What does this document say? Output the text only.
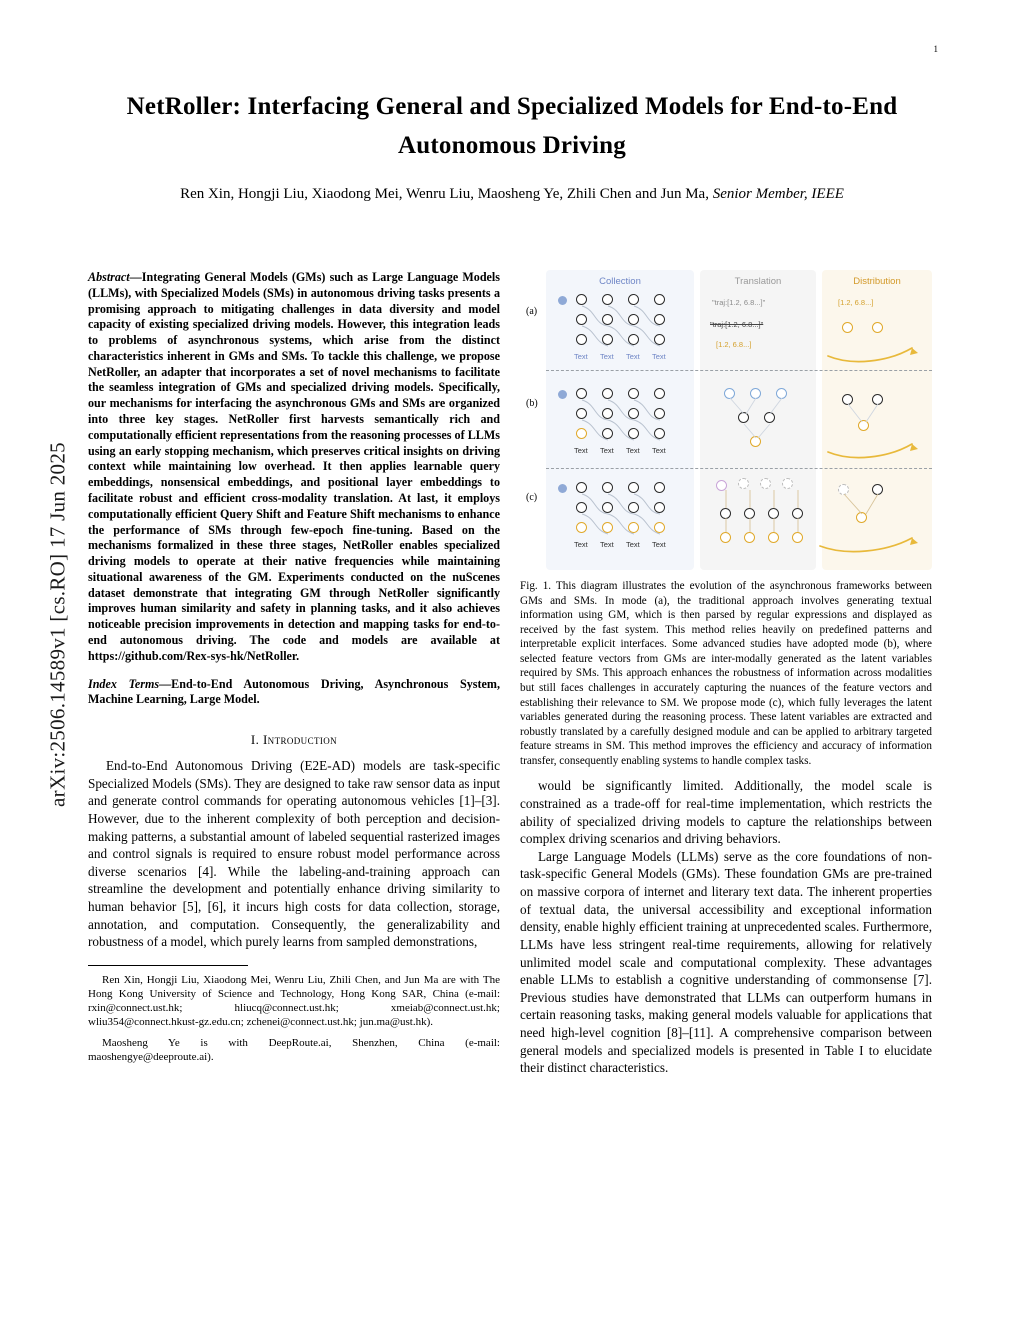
1
arXiv:2506.14589v1 [cs.RO] 17 Jun 2025
NetRoller: Interfacing General and Specialized Models for End-to-End Autonomous Driving
Ren Xin, Hongji Liu, Xiaodong Mei, Wenru Liu, Maosheng Ye, Zhili Chen and Jun Ma, Senior Member, IEEE
Abstract—Integrating General Models (GMs) such as Large Language Models (LLMs), with Specialized Models (SMs) in autonomous driving tasks presents a promising approach to mitigating challenges in data diversity and model capacity of existing specialized driving models. However, this integration leads to problems of asynchronous systems, which arise from the distinct characteristics inherent in GMs and SMs. To tackle this challenge, we propose NetRoller, an adapter that incorporates a set of novel mechanisms to facilitate the seamless integration of GMs and specialized driving models. Specifically, our mechanisms for interfacing the asynchronous GMs and SMs are organized into three key stages. NetRoller first harvests semantically rich and computationally efficient representations from the reasoning processes of LLMs using an early stopping mechanism, which preserves critical insights on driving context while maintaining low overhead. It then applies learnable query embeddings, nonsensical embeddings, and positional layer embeddings to facilitate robust and efficient cross-modality translation. At last, it employs computationally efficient Query Shift and Feature Shift mechanisms to enhance the performance of SMs through few-epoch fine-tuning. Based on the mechanisms formalized in these three stages, NetRoller enables specialized driving models to operate at their native frequencies while maintaining situational awareness of the GM. Experiments conducted on the nuScenes dataset demonstrate that integrating GM through NetRoller significantly improves human similarity and safety in planning tasks, and it also achieves noticeable precision improvements in detection and mapping tasks for end-to-end autonomous driving. The code and models are available at https://github.com/Rex-sys-hk/NetRoller.
Index Terms—End-to-End Autonomous Driving, Asynchronous System, Machine Learning, Large Model.
I. Introduction

End-to-End Autonomous Driving (E2E-AD) models are task-specific Specialized Models (SMs). They are designed to take raw sensor data as input and generate control commands for operating autonomous vehicles [1]–[3]. However, due to the inherent complexity of both perception and decision-making patterns, a substantial amount of labeled sequential rasterized images and control signals is required to ensure robust model performance across diverse scenarios [4]. While the labeling-and-training approach can streamline the development and potentially enhance driving similarity to human behavior [5], [6], it incurs high costs for data collection, storage, annotation, and computation. Consequently, the generalizability and robustness of a model, which purely learns from sampled demonstrations,

Ren Xin, Hongji Liu, Xiaodong Mei, Wenru Liu, Zhili Chen, and Jun Ma are with The Hong Kong University of Science and Technology, Hong Kong SAR, China (e-mail: rxin@connect.ust.hk; hliucq@connect.ust.hk; xmeiab@connect.ust.hk; wliu354@connect.hkust-gz.edu.cn; zchenei@connect.ust.hk; jun.ma@ust.hk).
Maosheng Ye is with DeepRoute.ai, Shenzhen, China (e-mail: maoshengye@deeproute.ai).
Collection	Translation	Distribution
(a)
(b)
(c)
Text Text Text Text
"traj:[1.2, 6.8...]"
"traj:[1.2, 6.8...]"
[1.2, 6.8...]
[1.2, 6.8...]
Text Text Text Text
Text Text Text Text
Fig. 1. This diagram illustrates the evolution of the asynchronous frameworks between GMs and SMs. In mode (a), the traditional approach involves generating textual information using GM, which is then parsed by regular expressions and displayed as received by the fast system. This method relies heavily on predefined patterns and interpretable explicit interfaces. Some advanced studies have adopted mode (b), where selected feature vectors from GMs are inter-modally generated as the latent variables required by SMs. This approach enhances the robustness of information across modalities but still faces challenges in accurately capturing the nuances of the feature vectors and establishing their relevance to SM. We propose mode (c), which fully leverages the latent variables generated during the reasoning process. These latent variables are extracted and robustly translated by a carefully designed module and can be applied to arbitrary targeted feature streams in SM. This method improves the efficiency and accuracy of information transfer, consequently enabling systems to handle complex tasks.

would be significantly limited. Additionally, the model scale is constrained as a trade-off for real-time implementation, which restricts the ability of specialized driving models to capture the relationships between complex driving scenarios and driving behaviors.

Large Language Models (LLMs) serve as the core foundations of non-task-specific General Models (GMs). These foundation GMs are pre-trained on massive corpora of internet and literary text data. The inherent properties of textual data, the universal accessibility and exceptional information density, enable highly efficient training at unprecedented scales. Furthermore, LLMs have less stringent real-time requirements, allowing for relatively unlimited model scale and computational complexity. These advantages enable LLMs to establish a cognitive understanding of commonsense [7]. Previous studies have demonstrated that LLMs can outperform humans in certain reasoning tasks, making general models valuable for applications that need high-level cognition [8]–[11]. A comprehensive comparison between general models and specialized models is presented in Table I to elucidate their distinct characteristics.
